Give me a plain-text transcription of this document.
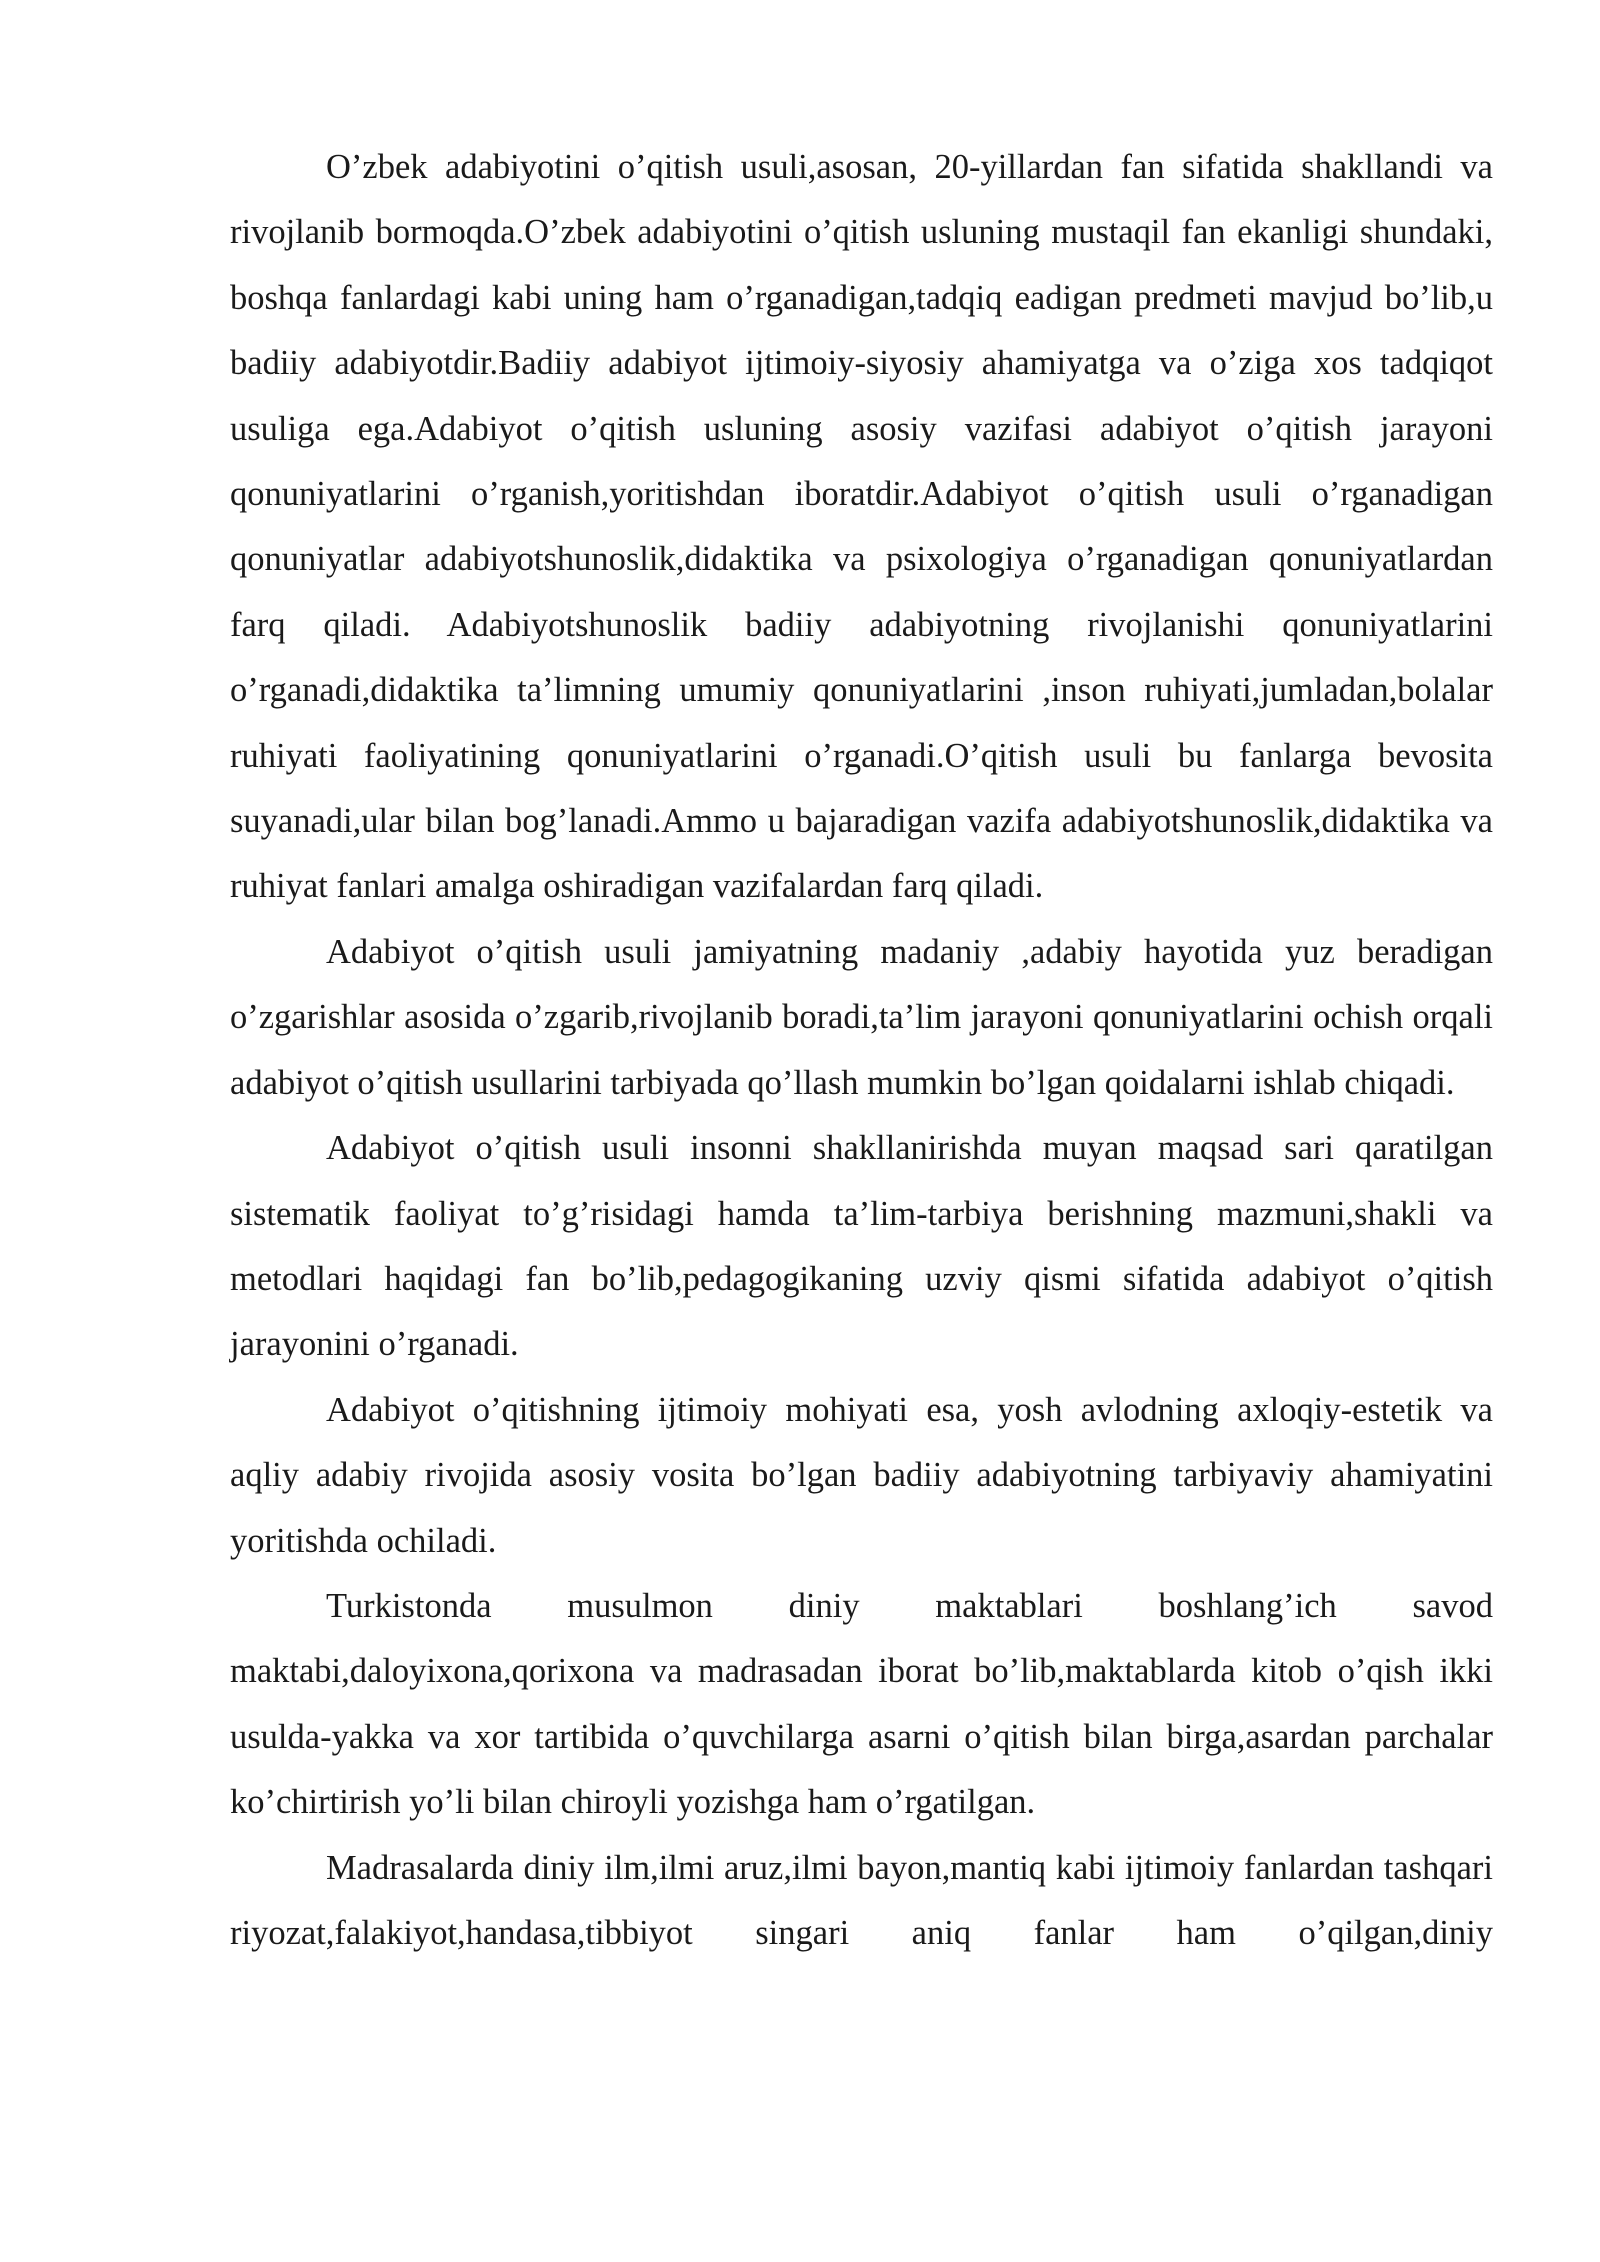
O’zbek adabiyotini o’qitish usuli,asosan, 20-yillardan fan sifatida shakllandi va rivojlanib bormoqda.O’zbek adabiyotini o’qitish usluning mustaqil fan ekanligi shundaki, boshqa fanlardagi kabi uning ham o’rganadigan,tadqiq eadigan predmeti mavjud bo’lib,u badiiy adabiyotdir.Badiiy adabiyot ijtimoiy-siyosiy ahamiyatga va o’ziga xos tadqiqot usuliga ega.Adabiyot o’qitish usluning asosiy vazifasi adabiyot o’qitish jarayoni qonuniyatlarini o’rganish,yoritishdan iboratdir.Adabiyot o’qitish usuli o’rganadigan qonuniyatlar adabiyotshunoslik,didaktika va psixologiya o’rganadigan qonuniyatlardan farq qiladi. Adabiyotshunoslik badiiy adabiyotning rivojlanishi qonuniyatlarini o’rganadi,didaktika ta’limning umumiy qonuniyatlarini ,inson ruhiyati,jumladan,bolalar ruhiyati faoliyatining qonuniyatlarini o’rganadi.O’qitish usuli bu fanlarga bevosita suyanadi,ular bilan bog’lanadi.Ammo u bajaradigan vazifa adabiyotshunoslik,didaktika va ruhiyat fanlari amalga oshiradigan vazifalardan farq qiladi.

Adabiyot o’qitish usuli jamiyatning madaniy ,adabiy hayotida yuz beradigan o’zgarishlar asosida o’zgarib,rivojlanib boradi,ta’lim jarayoni qonuniyatlarini ochish orqali adabiyot o’qitish usullarini tarbiyada qo’llash mumkin bo’lgan qoidalarni ishlab chiqadi.

Adabiyot o’qitish usuli insonni shakllanirishda muyan maqsad sari qaratilgan sistematik faoliyat to’g’risidagi hamda ta’lim-tarbiya berishning mazmuni,shakli va metodlari haqidagi fan bo’lib,pedagogikaning uzviy qismi sifatida adabiyot o’qitish jarayonini o’rganadi.

Adabiyot o’qitishning ijtimoiy mohiyati esa, yosh avlodning axloqiy-estetik va aqliy adabiy rivojida asosiy vosita bo’lgan badiiy adabiyotning tarbiyaviy ahamiyatini yoritishda ochiladi.

Turkistonda musulmon diniy maktablari boshlang’ich savod maktabi,daloyixona,qorixona va madrasadan iborat bo’lib,maktablarda kitob o’qish ikki usulda-yakka va xor tartibida o’quvchilarga asarni o’qitish bilan birga,asardan parchalar ko’chirtirish yo’li bilan chiroyli yozishga ham o’rgatilgan.

Madrasalarda diniy ilm,ilmi aruz,ilmi bayon,mantiq kabi ijtimoiy fanlardan tashqari riyozat,falakiyot,handasa,tibbiyot singari aniq fanlar ham o’qilgan,diniy
